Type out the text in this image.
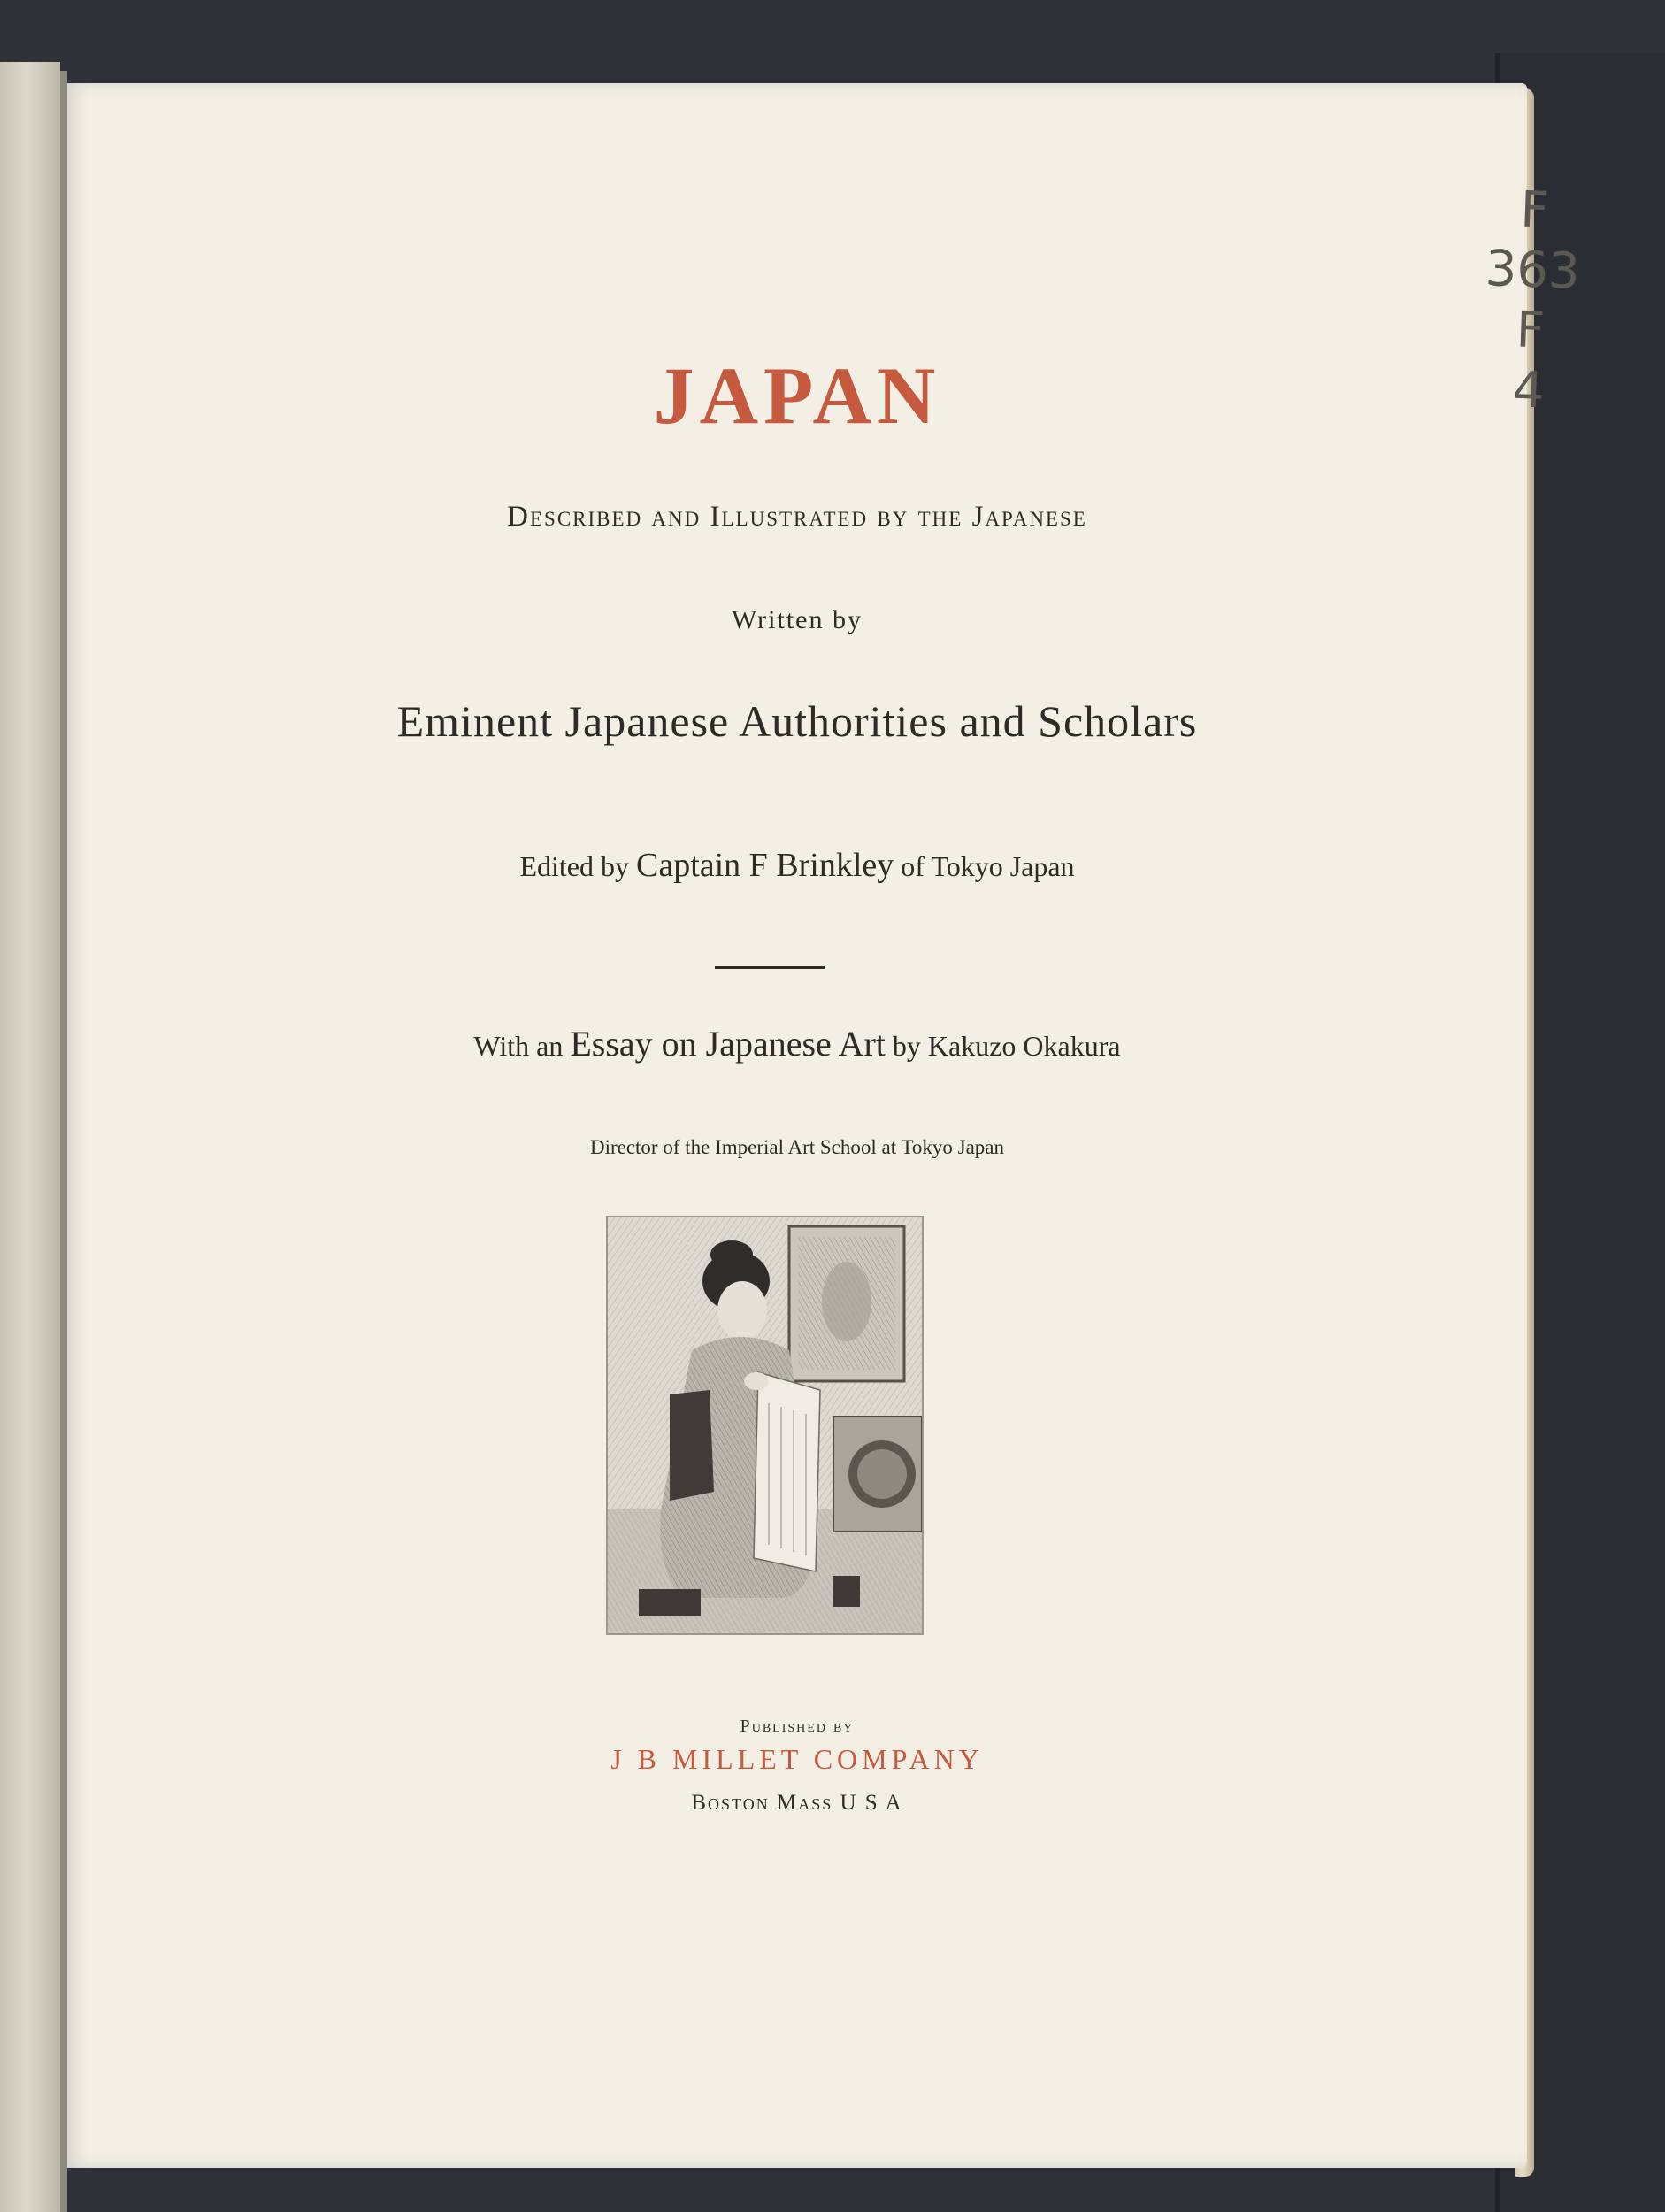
F
363
F
4
JAPAN
Described and Illustrated by the Japanese
Written by
Eminent Japanese Authorities and Scholars
Edited by Captain F Brinkley of Tokyo Japan
With an Essay on Japanese Art by Kakuzo Okakura
Director of the Imperial Art School at Tokyo Japan
Published by
J B MILLET COMPANY
Boston Mass U S A
